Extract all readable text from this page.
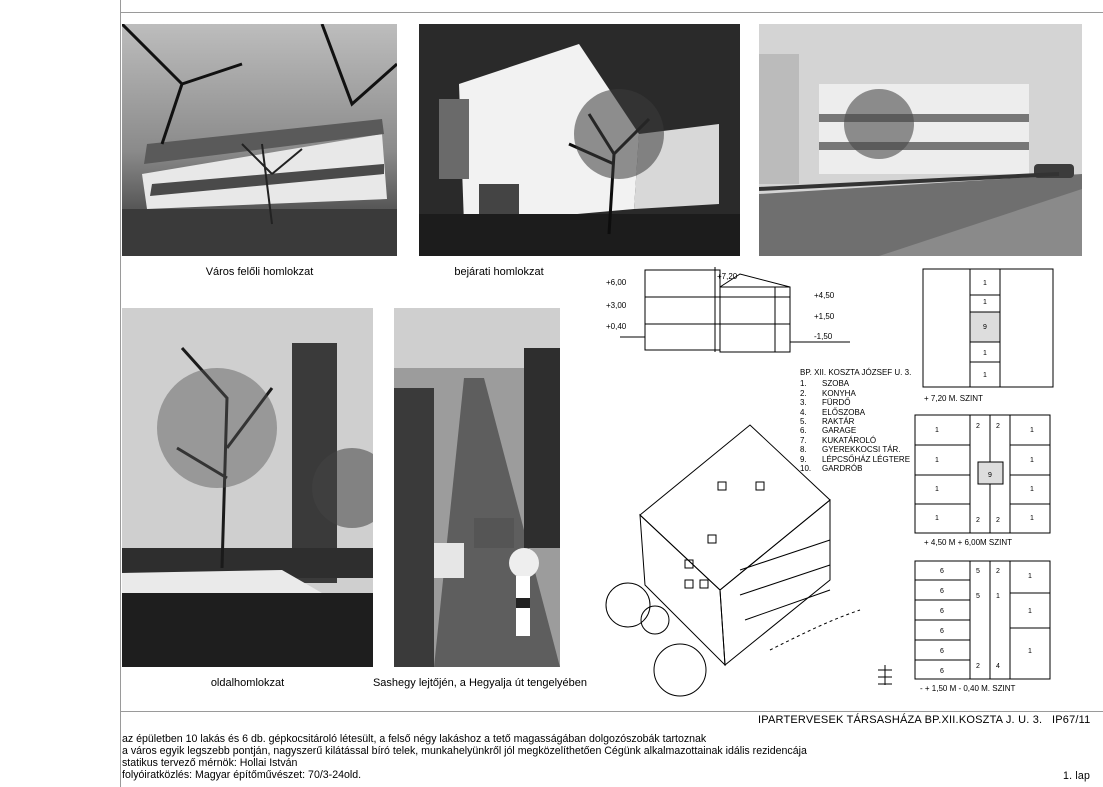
Város felőli homlokzat	bejárati homlokzat
oldalhomlokzat	Sashegy lejtőjén, a Hegyalja út tengelyében
+6,00
+3,00
+0,40
+4,50
+1,50
-1,50
+7,20
BP. XII. KOSZTA JÓZSEF U. 3.
1.	SZOBA
2.	KONYHA
3.	FÜRDŐ
4.	ELŐSZOBA
5.	RAKTÁR
6.	GARAGE
7.	KUKATÁROLÓ
8.	GYEREKKOCSI TÁR.
9.	LÉPCSŐHÁZ LÉGTERE
10.	GARDRÓB
1
1
9
1
1
+ 7,20 M. SZINT
1	1
1	1
1	1
1	1
2 2
9
2 2
+ 4,50 M + 6,00M SZINT
6
6
6
6
6
6
5 2
5 1
1
1
1
2 4
- + 1,50 M - 0,40 M. SZINT
IPARTERVESEK TÁRSASHÁZA BP.XII.KOSZTA J. U. 3. IP67/11
az épületben 10 lakás és 6 db. gépkocsitároló létesült, a felső négy lakáshoz a tető magasságában dolgozószobák tartoznak
a város egyik legszebb pontján, nagyszerű kilátással bíró telek, munkahelyünkről jól megközelíthetően Cégünk alkalmazottainak idális rezidencája
statikus tervező mérnök: Hollai István
folyóiratközlés: Magyar építőművészet: 70/3-24old.	1. lap
